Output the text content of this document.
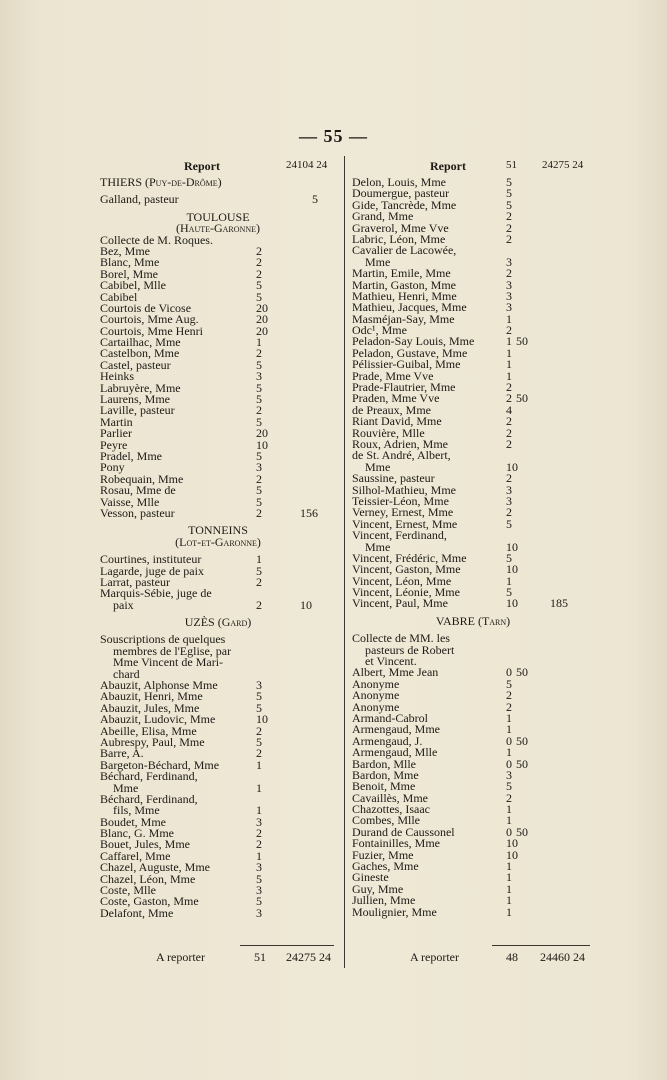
— 55 —
Report	24104 24
THIERS (Puy-de-Drôme)
Galland, pasteur	5
TOULOUSE
(Haute-Garonne)
Collecte de M. Roques.
Bez, Mme	2
Blanc, Mme	2
Borel, Mme	2
Cabibel, Mlle	5
Cabibel	5
Courtois de Vicose	20
Courtois, Mme Aug.	20
Courtois, Mme Henri	20
Cartailhac, Mme	1
Castelbon, Mme	2
Castel, pasteur	5
Heinks	3
Labruyère, Mme	5
Laurens, Mme	5
Laville, pasteur	2
Martin	5
Parlier	20
Peyre	10
Pradel, Mme	5
Pony	3
Robequain, Mme	2
Rosau, Mme de	5
Vaisse, Mlle	5
Vesson, pasteur	2	156
TONNEINS
(Lot-et-Garonne)
Courtines, instituteur	1
Lagarde, juge de paix	5
Larrat, pasteur	2
Marquis-Sébie, juge de
paix	2	10
UZÈS (Gard)
Souscriptions de quelques
membres de l'Eglise, par
Mme Vincent de Mari-
chard
Abauzit, Alphonse Mme	3
Abauzit, Henri, Mme	5
Abauzit, Jules, Mme	5
Abauzit, Ludovic, Mme	10
Abeille, Elisa, Mme	2
Aubrespy, Paul, Mme	5
Barre, A.	2
Bargeton-Béchard, Mme	1
Béchard, Ferdinand,
Mme	1
Béchard, Ferdinand,
fils, Mme	1
Boudet, Mme	3
Blanc, G. Mme	2
Bouet, Jules, Mme	2
Caffarel, Mme	1
Chazel, Auguste, Mme	3
Chazel, Léon, Mme	5
Coste, Mlle	3
Coste, Gaston, Mme	5
Delafont, Mme	3
Report	51 24275 24
Delon, Louis, Mme	5
Doumergue, pasteur	5
Gide, Tancrède, Mme	5
Grand, Mme	2
Graverol, Mme Vve	2
Labric, Léon, Mme	2
Cavalier de Lacowée,
Mme	3
Martin, Emile, Mme	2
Martin, Gaston, Mme	3
Mathieu, Henri, Mme	3
Mathieu, Jacques, Mme	3
Masméjan-Say, Mme	1
Odc¹, Mme	2
Peladon-Say Louis, Mme	1 50
Peladon, Gustave, Mme	1
Pélissier-Guibal, Mme	1
Prade, Mme Vve	1
Prade-Flautrier, Mme	2
Praden, Mme Vve	2 50
de Preaux, Mme	4
Riant David, Mme	2
Rouvière, Mlle	2
Roux, Adrien, Mme	2
de St. André, Albert,
Mme	10
Saussine, pasteur	2
Silhol-Mathieu, Mme	3
Teissier-Léon, Mme	3
Verney, Ernest, Mme	2
Vincent, Ernest, Mme	5
Vincent, Ferdinand,
Mme	10
Vincent, Frédéric, Mme	5
Vincent, Gaston, Mme	10
Vincent, Léon, Mme	1
Vincent, Léonie, Mme	5
Vincent, Paul, Mme	10	185
VABRE (Tarn)
Collecte de MM. les
pasteurs de Robert
et Vincent.
Albert, Mme Jean	0 50
Anonyme	5
Anonyme	2
Anonyme	2
Armand-Cabrol	1
Armengaud, Mme	1
Armengaud, J.	0 50
Armengaud, Mlle	1
Bardon, Mlle	0 50
Bardon, Mme	3
Benoit, Mme	5
Cavaillès, Mme	2
Chazottes, Isaac	1
Combes, Mlle	1
Durand de Caussonel	0 50
Fontainilles, Mme	10
Fuzier, Mme	10
Gaches, Mme	1
Gineste	1
Guy, Mme	1
Jullien, Mme	1
Moulignier, Mme	1
A reporter	51 24275 24	A reporter	48 24460 24
